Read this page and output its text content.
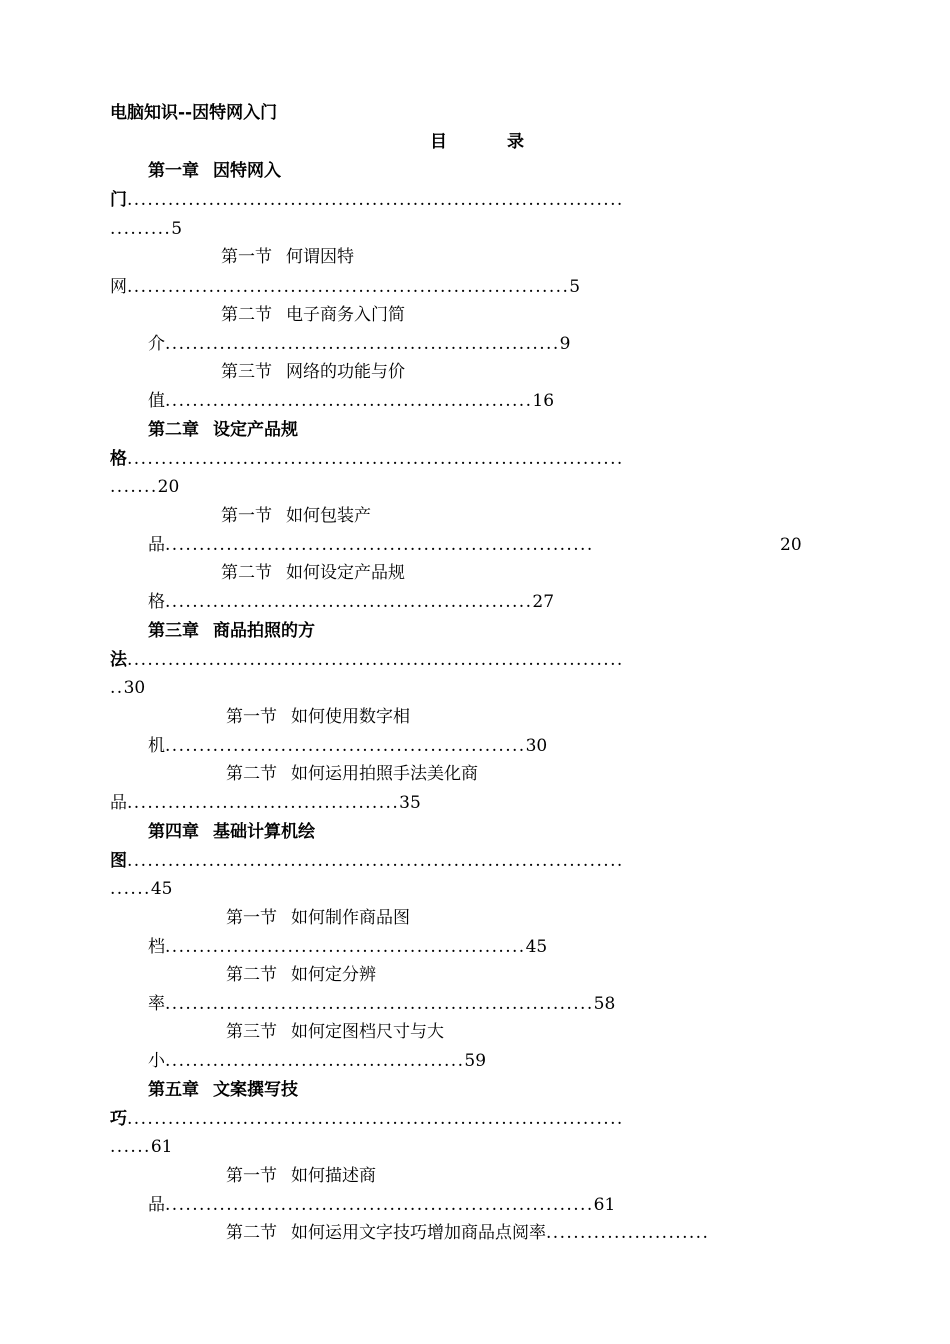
电脑知识--因特网入门
目	录
第一章 因特网入
门.........................................................................
.........5
第一节 何谓因特
网.................................................................5
第二节 电子商务入门简
介..........................................................9
第三节 网络的功能与价
值......................................................16
第二章 设定产品规
格.........................................................................
.......20
第一节 如何包装产
品...............................................................	20
第二节 如何设定产品规
格......................................................27
第三章 商品拍照的方
法.........................................................................
..30
第一节 如何使用数字相
机.....................................................30
第二节 如何运用拍照手法美化商
品........................................35
第四章 基础计算机绘
图.........................................................................
......45
第一节 如何制作商品图
档.....................................................45
第二节 如何定分辨
率...............................................................58
第三节 如何定图档尺寸与大
小............................................59
第五章 文案撰写技
巧.........................................................................
......61
第一节 如何描述商
品...............................................................61
第二节 如何运用文字技巧增加商品点阅率........................
